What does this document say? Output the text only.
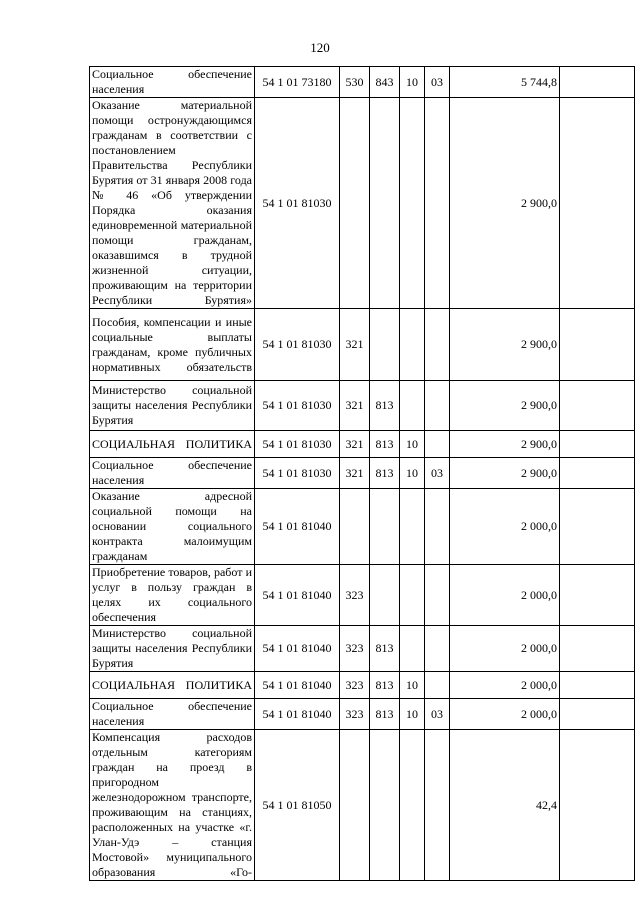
120
Социальное обеспечение населения	54 1 01 73180	530	843	10	03	5 744,8	
Оказание материальной помощи остронуждающимся гражданам в соответствии с постановлением Правительства Республики Бурятия от 31 января 2008 года № 46 «Об утверждении Порядка оказания единовременной материальной помощи гражданам, оказавшимся в трудной жизненной ситуации, проживающим на территории Республики Бурятия»	54 1 01 81030					2 900,0	
Пособия, компенсации и иные социальные выплаты гражданам, кроме публичных нормативных обязательств	54 1 01 81030	321				2 900,0	
Министерство социальной защиты населения Республики Бурятия	54 1 01 81030	321	813			2 900,0	
СОЦИАЛЬНАЯ ПОЛИТИКА	54 1 01 81030	321	813	10		2 900,0	
Социальное обеспечение населения	54 1 01 81030	321	813	10	03	2 900,0	
Оказание адресной социальной помощи на основании социального контракта малоимущим гражданам	54 1 01 81040					2 000,0	
Приобретение товаров, работ и услуг в пользу граждан в целях их социального обеспечения	54 1 01 81040	323				2 000,0	
Министерство социальной защиты населения Республики Бурятия	54 1 01 81040	323	813			2 000,0	
СОЦИАЛЬНАЯ ПОЛИТИКА	54 1 01 81040	323	813	10		2 000,0	
Социальное обеспечение населения	54 1 01 81040	323	813	10	03	2 000,0	
Компенсация расходов отдельным категориям граждан на проезд в пригородном железнодорожном транспорте, проживающим на станциях, расположенных на участке «г. Улан-Удэ – станция Мостовой» муниципального образования «Го-	54 1 01 81050					42,4	
